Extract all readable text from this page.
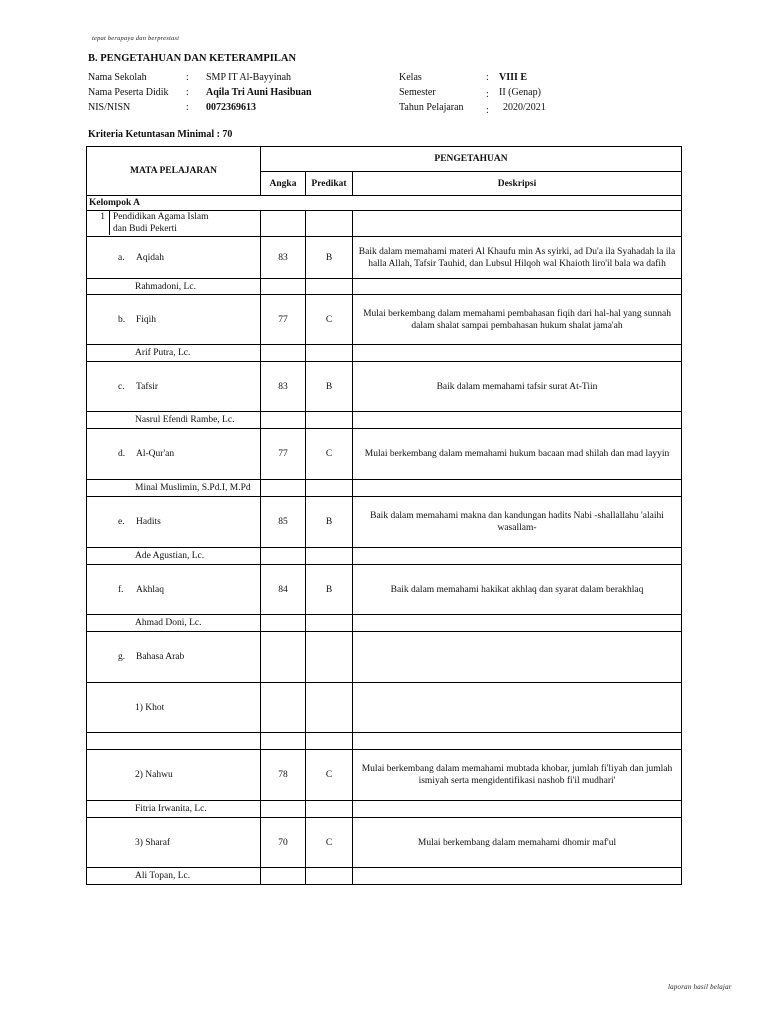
tepat berupaya dan berprestasi
B. PENGETAHUAN DAN KETERAMPILAN
Nama Sekolah	: SMP IT Al-Bayyinah
Nama Peserta Didik : Aqila Tri Auni Hasibuan
NIS/NISN	: 0072369613
Kelas	: VIII E
Semester	: II (Genap)
Tahun Pelajaran : 2020/2021
Kriteria Ketuntasan Minimal : 70
MATA PELAJARAN	PENGETAHUAN		
	Angka	Predikat	Deskripsi
Kelompok A			

1 Pendidikan Agama Islam
dan Budi Pekerti			

a. Aqidah	83	B	Baik dalam memahami materi Al Khaufu min As syirki, ad Du'a ila Syahadah la ila halla Allah, Tafsir Tauhid, dan Lubsul Hilqoh wal Khaioth liro'il bala wa dafih
Rahmadoni, Lc.			
b. Fiqih	77	C	Mulai berkembang dalam memahami pembahasan fiqih dari hal-hal yang sunnah dalam shalat sampai pembahasan hukum shalat jama'ah
Arif Putra, Lc.			
c. Tafsir	83	B	Baik dalam memahami tafsir surat At-Tiin
Nasrul Efendi Rambe, Lc.			
d. Al-Qur'an	77	C	Mulai berkembang dalam memahami hukum bacaan mad shilah dan mad layyin
Minal Muslimin, S.Pd.I, M.Pd			
e. Hadits	85	B	Baik dalam memahami makna dan kandungan hadits Nabi -shallallahu 'alaihi wasallam-
Ade Agustian, Lc.			
f. Akhlaq	84	B	Baik dalam memahami hakikat akhlaq dan syarat dalam berakhlaq
Ahmad Doni, Lc.			
g. Bahasa Arab			
1) Khot			

2) Nahwu	78	C	Mulai berkembang dalam memahami mubtada khobar, jumlah fi'liyah dan jumlah ismiyah serta mengidentifikasi nashob fi'il mudhari'
Fitria Irwanita, Lc.			
3) Sharaf	70	C	Mulai berkembang dalam memahami dhomir maf'ul
Ali Topan, Lc.			
laporan hasil belajar
